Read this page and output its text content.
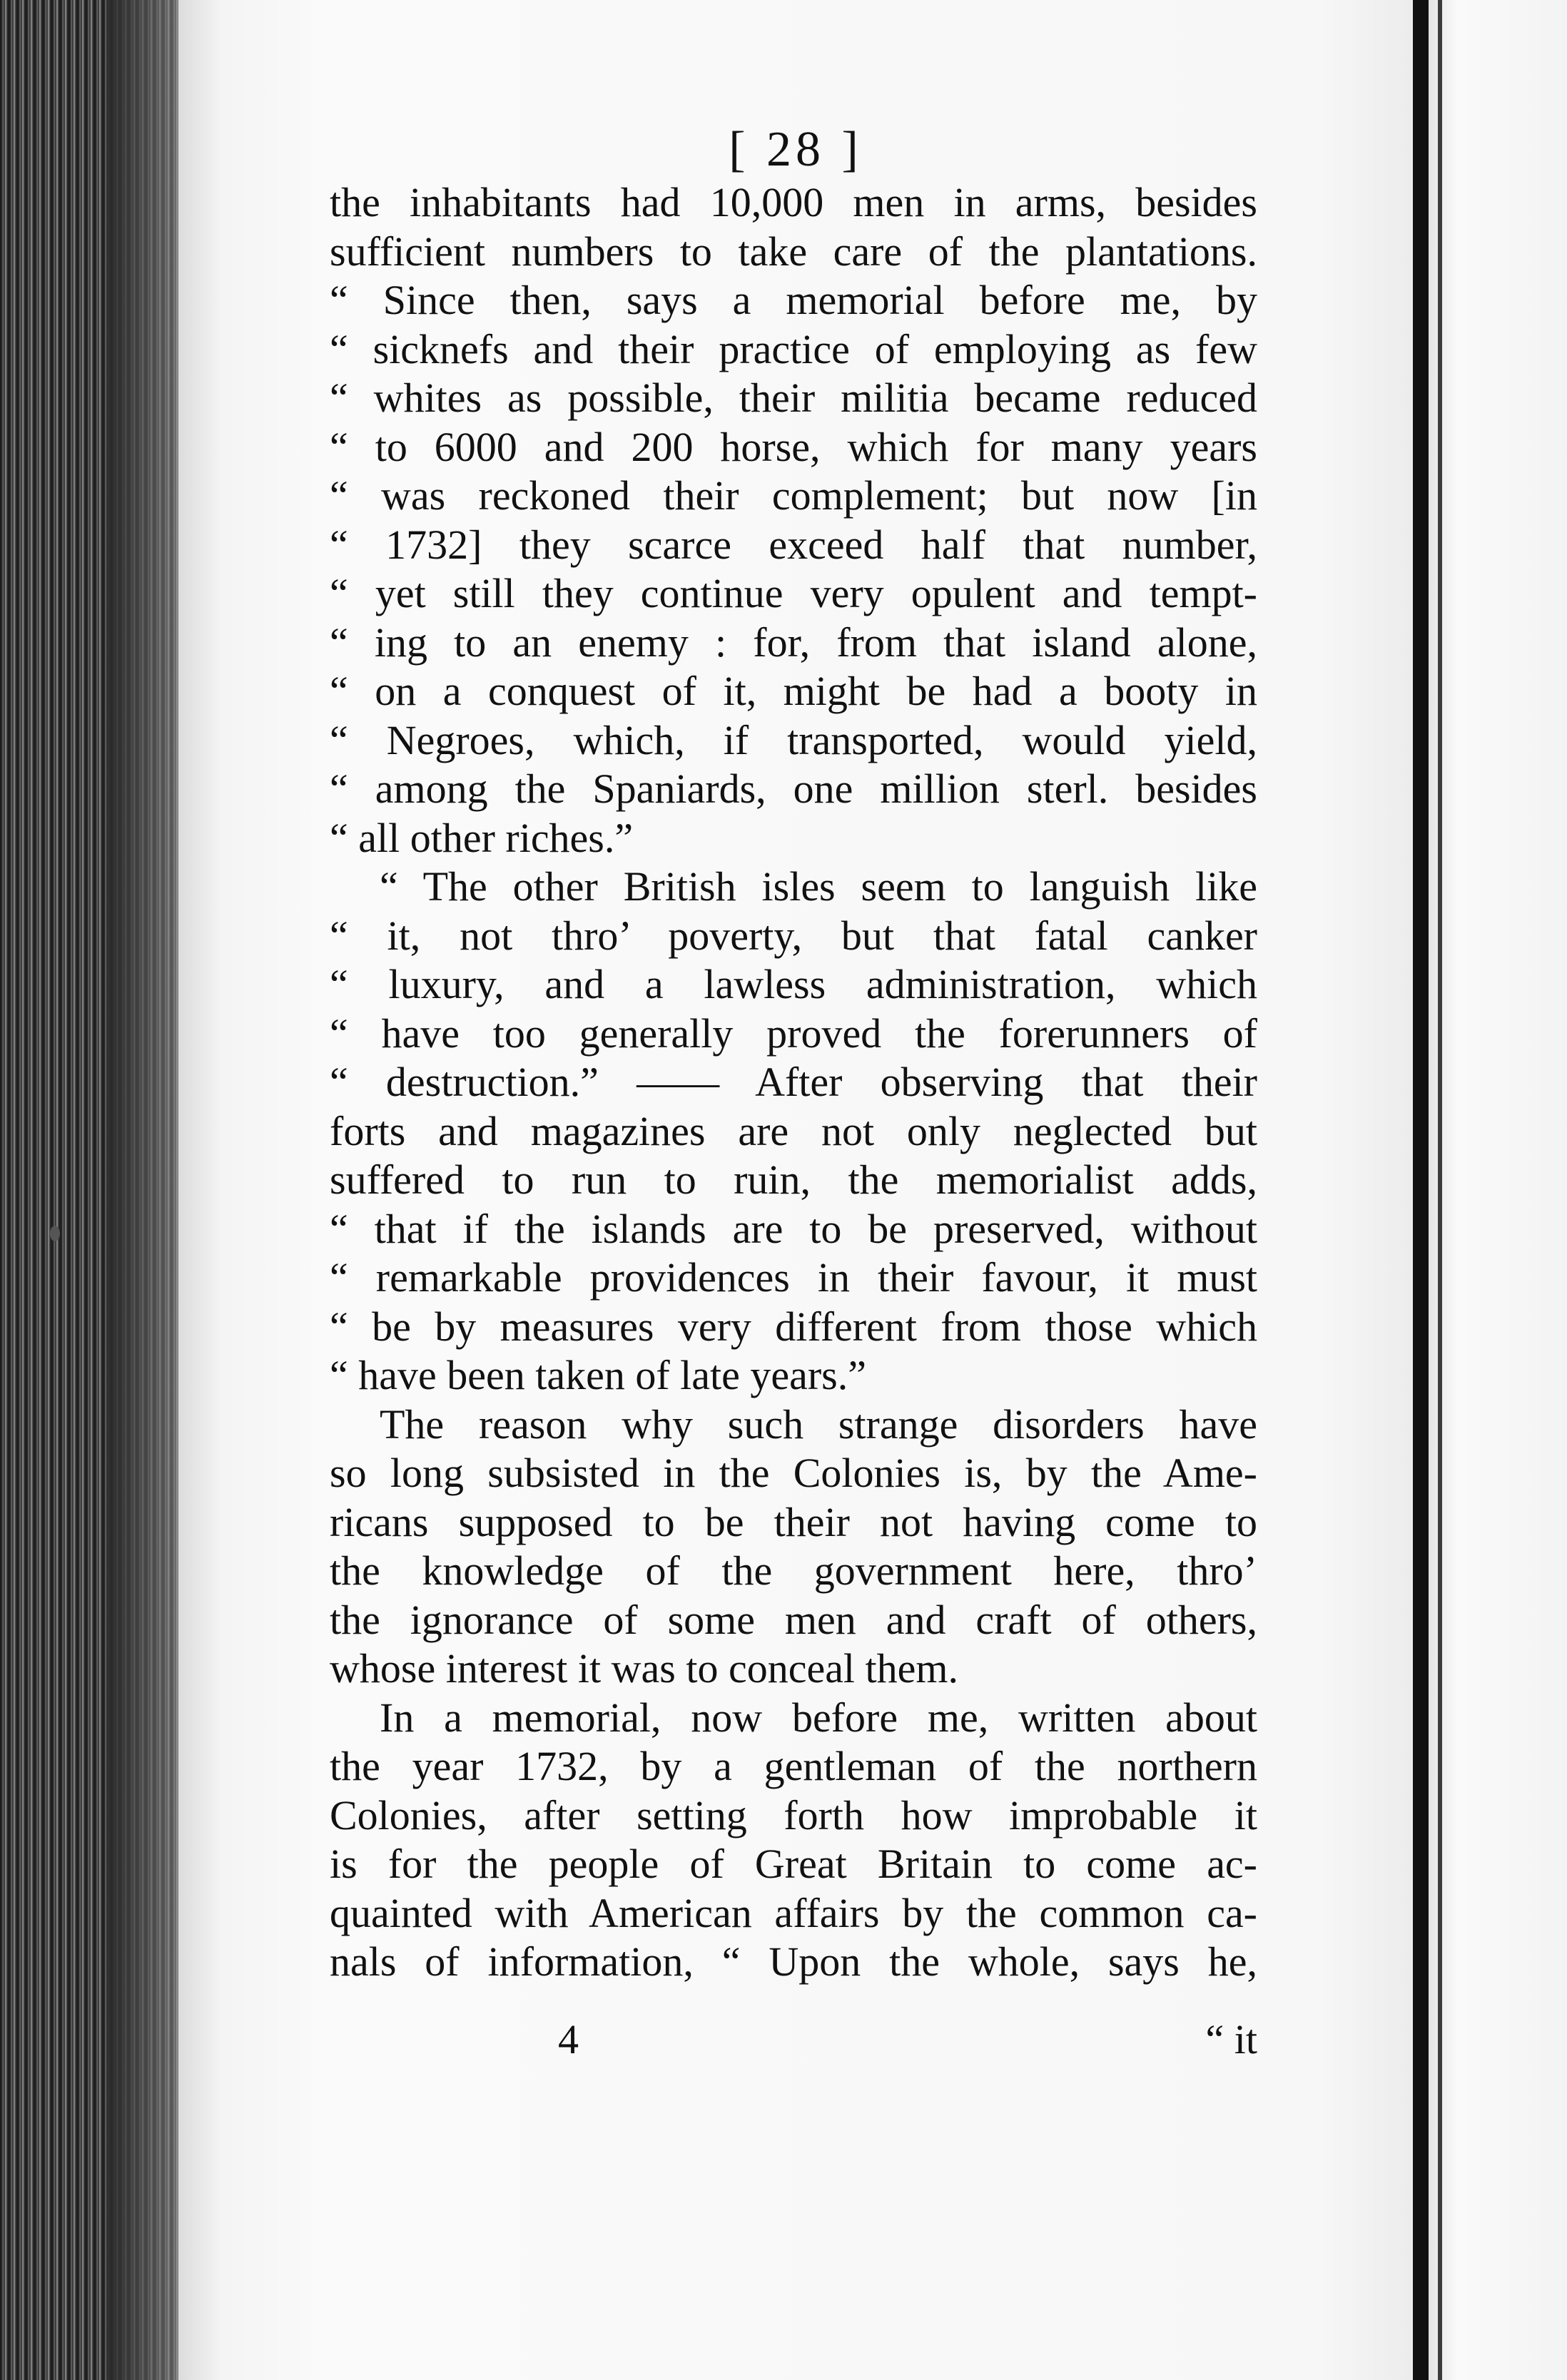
[ 28 ]
the inhabitants had 10,000 men in arms, besides
sufficient numbers to take care of the plantations.
“ Since then, says a memorial before me, by
“ sicknefs and their practice of employing as few
“ whites as possible, their militia became reduced
“ to 6000 and 200 horse, which for many years
“ was reckoned their complement; but now [in
“ 1732] they scarce exceed half that number,
“ yet still they continue very opulent and tempt-
“ ing to an enemy : for, from that island alone,
“ on a conquest of it, might be had a booty in
“ Negroes, which, if transported, would yield,
“ among the Spaniards, one million sterl. besides
“ all other riches.”
“ The other British isles seem to languish like
“ it, not thro’ poverty, but that fatal canker
“ luxury, and a lawless administration, which
“ have too generally proved the forerunners of
“ destruction.” —— After observing that their
forts and magazines are not only neglected but
suffered to run to ruin, the memorialist adds,
“ that if the islands are to be preserved, without
“ remarkable providences in their favour, it must
“ be by measures very different from those which
“ have been taken of late years.”
The reason why such strange disorders have
so long subsisted in the Colonies is, by the Ame-
ricans supposed to be their not having come to
the knowledge of the government here, thro’
the ignorance of some men and craft of others,
whose interest it was to conceal them.
In a memorial, now before me, written about
the year 1732, by a gentleman of the northern
Colonies, after setting forth how improbable it
is for the people of Great Britain to come ac-
quainted with American affairs by the common ca-
nals of information, “ Upon the whole, says he,
4	“ it
